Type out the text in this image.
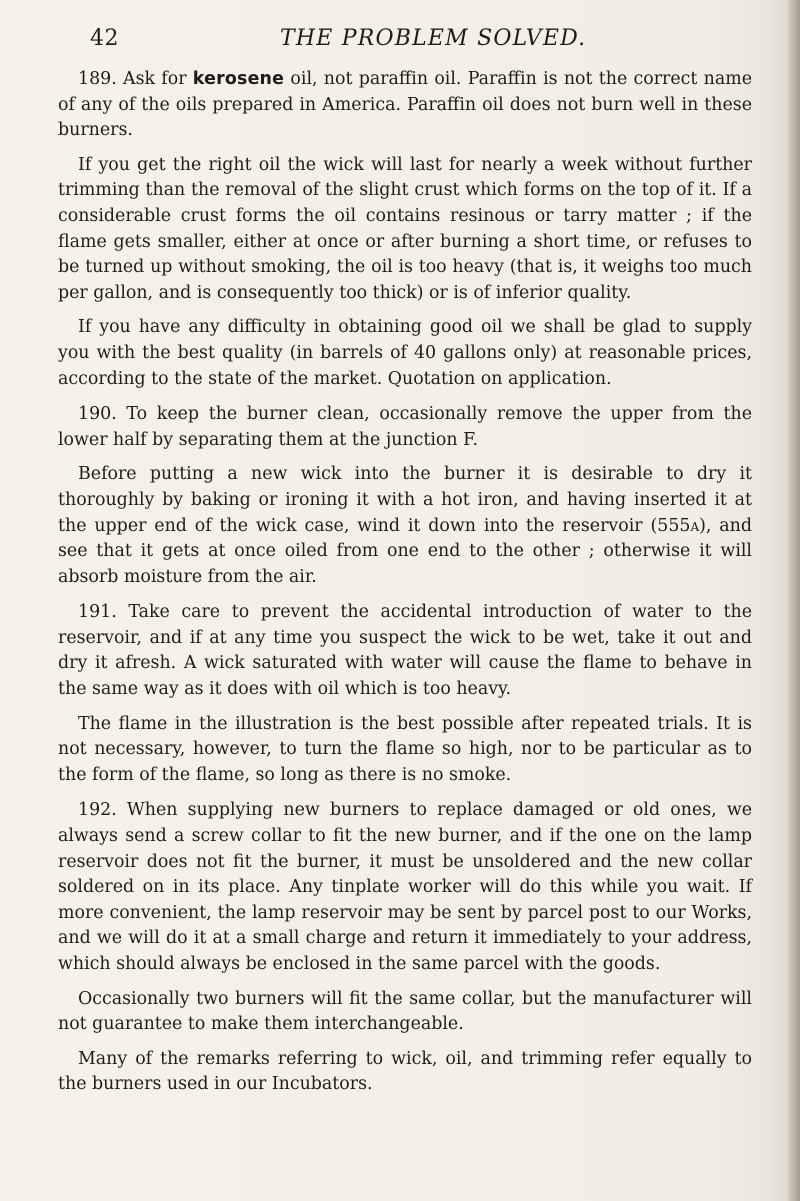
42	THE PROBLEM SOLVED.

189. Ask for kerosene oil, not paraffin oil. Paraffin is not the correct name of any of the oils prepared in America. Paraffin oil does not burn well in these burners.

If you get the right oil the wick will last for nearly a week without further trimming than the removal of the slight crust which forms on the top of it. If a considerable crust forms the oil contains resinous or tarry matter ; if the flame gets smaller, either at once or after burning a short time, or refuses to be turned up without smoking, the oil is too heavy (that is, it weighs too much per gallon, and is consequently too thick) or is of inferior quality.

If you have any difficulty in obtaining good oil we shall be glad to supply you with the best quality (in barrels of 40 gallons only) at reasonable prices, according to the state of the market. Quotation on application.

190. To keep the burner clean, occasionally remove the upper from the lower half by separating them at the junction F.

Before putting a new wick into the burner it is desirable to dry it thoroughly by baking or ironing it with a hot iron, and having inserted it at the upper end of the wick case, wind it down into the reservoir (555a), and see that it gets at once oiled from one end to the other ; otherwise it will absorb moisture from the air.

191. Take care to prevent the accidental introduction of water to the reservoir, and if at any time you suspect the wick to be wet, take it out and dry it afresh. A wick saturated with water will cause the flame to behave in the same way as it does with oil which is too heavy.

The flame in the illustration is the best possible after repeated trials. It is not necessary, however, to turn the flame so high, nor to be particular as to the form of the flame, so long as there is no smoke.

192. When supplying new burners to replace damaged or old ones, we always send a screw collar to fit the new burner, and if the one on the lamp reservoir does not fit the burner, it must be unsoldered and the new collar soldered on in its place. Any tinplate worker will do this while you wait. If more convenient, the lamp reservoir may be sent by parcel post to our Works, and we will do it at a small charge and return it immediately to your address, which should always be enclosed in the same parcel with the goods.

Occasionally two burners will fit the same collar, but the manufacturer will not guarantee to make them interchangeable.

Many of the remarks referring to wick, oil, and trimming refer equally to the burners used in our Incubators.
